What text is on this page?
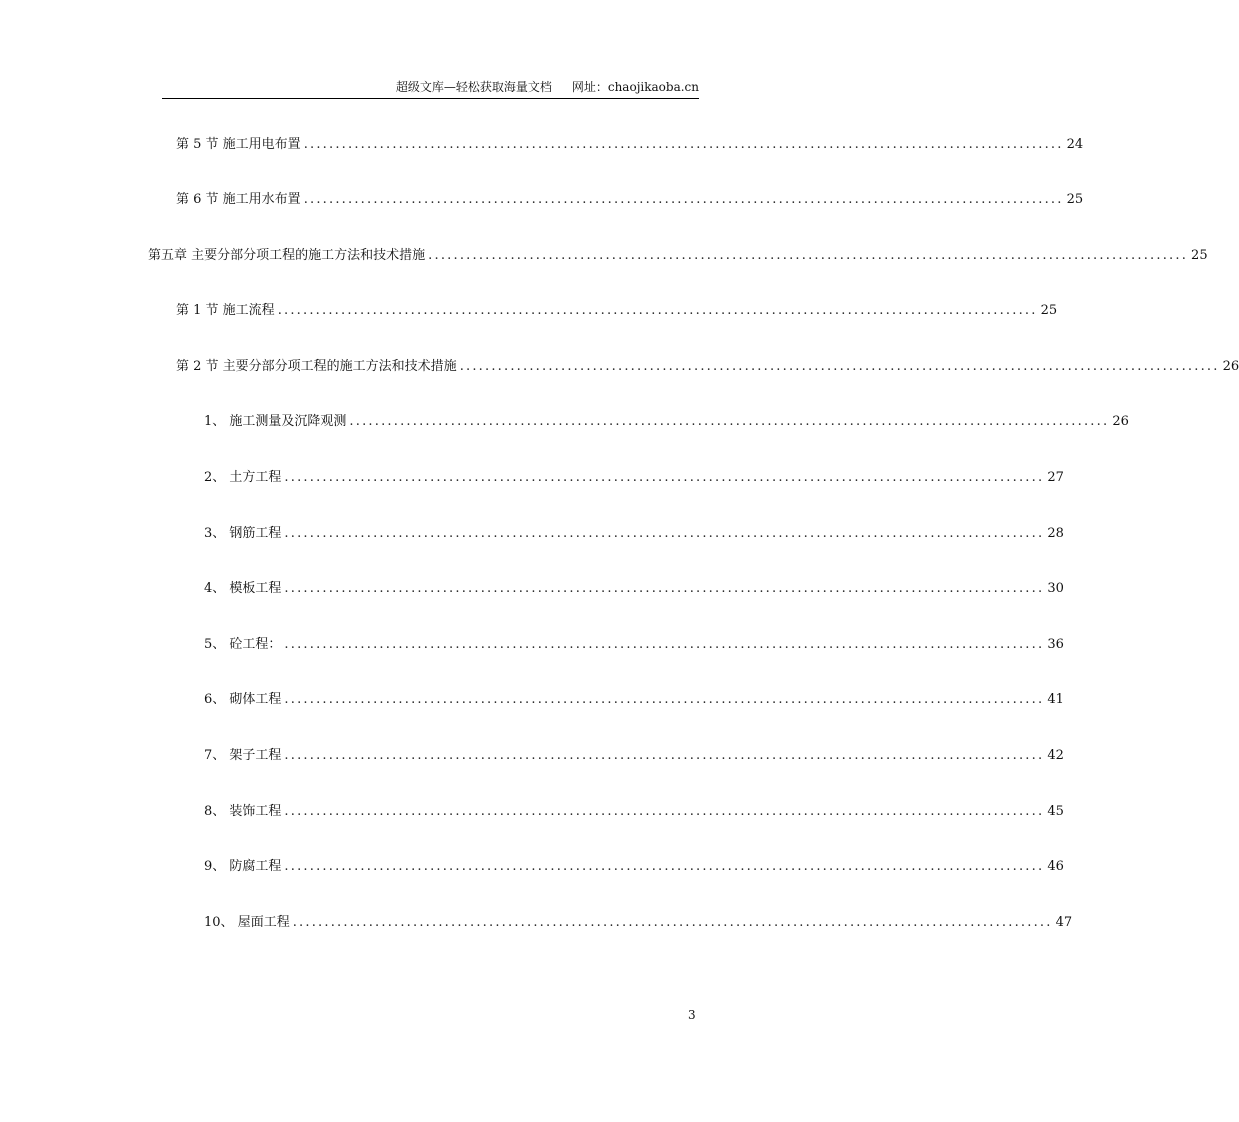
超级文库—轻松获取海量文档 网址：chaojikaoba.cn
第 5 节 施工用电布置 ........................................................................................................................ 24
第 6 节 施工用水布置 ........................................................................................................................ 25
第五章 主要分部分项工程的施工方法和技术措施 ........................................................................................................................ 25
第 1 节 施工流程 ........................................................................................................................ 25
第 2 节 主要分部分项工程的施工方法和技术措施 ........................................................................................................................ 26
1、 施工测量及沉降观测 ........................................................................................................................ 26
2、 土方工程 ........................................................................................................................ 27
3、 钢筋工程 ........................................................................................................................ 28
4、 模板工程 ........................................................................................................................ 30
5、 砼工程： ........................................................................................................................ 36
6、 砌体工程 ........................................................................................................................ 41
7、 架子工程 ........................................................................................................................ 42
8、 装饰工程 ........................................................................................................................ 45
9、 防腐工程 ........................................................................................................................ 46
10、 屋面工程 ........................................................................................................................ 47
3
